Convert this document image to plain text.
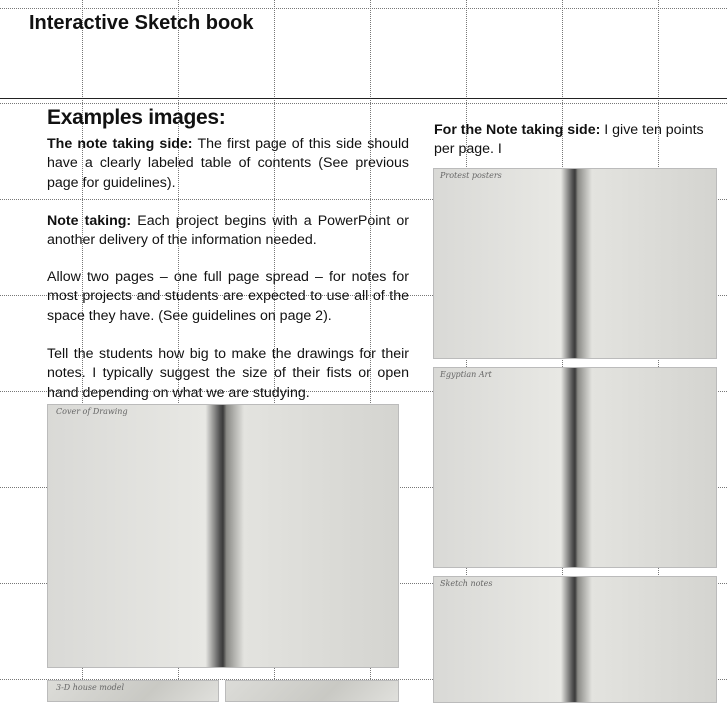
Interactive Sketch book
Examples images:
The note taking side: The first page of this side should have a clearly labeled table of contents (See previous page for guidelines).
Note taking: Each project begins with a PowerPoint or another delivery of the information needed.
Allow two pages – one full page spread – for notes for most projects and students are expected to use all of the space they have. (See guidelines on page 2).
Tell the students how big to make the drawings for their notes. I typically suggest the size of their fists or open hand depending on what we are studying.
For the Note taking side: I give ten points per page. I
Cover of Drawing
3-D house model
Protest posters
Egyptian Art
Sketch notes
